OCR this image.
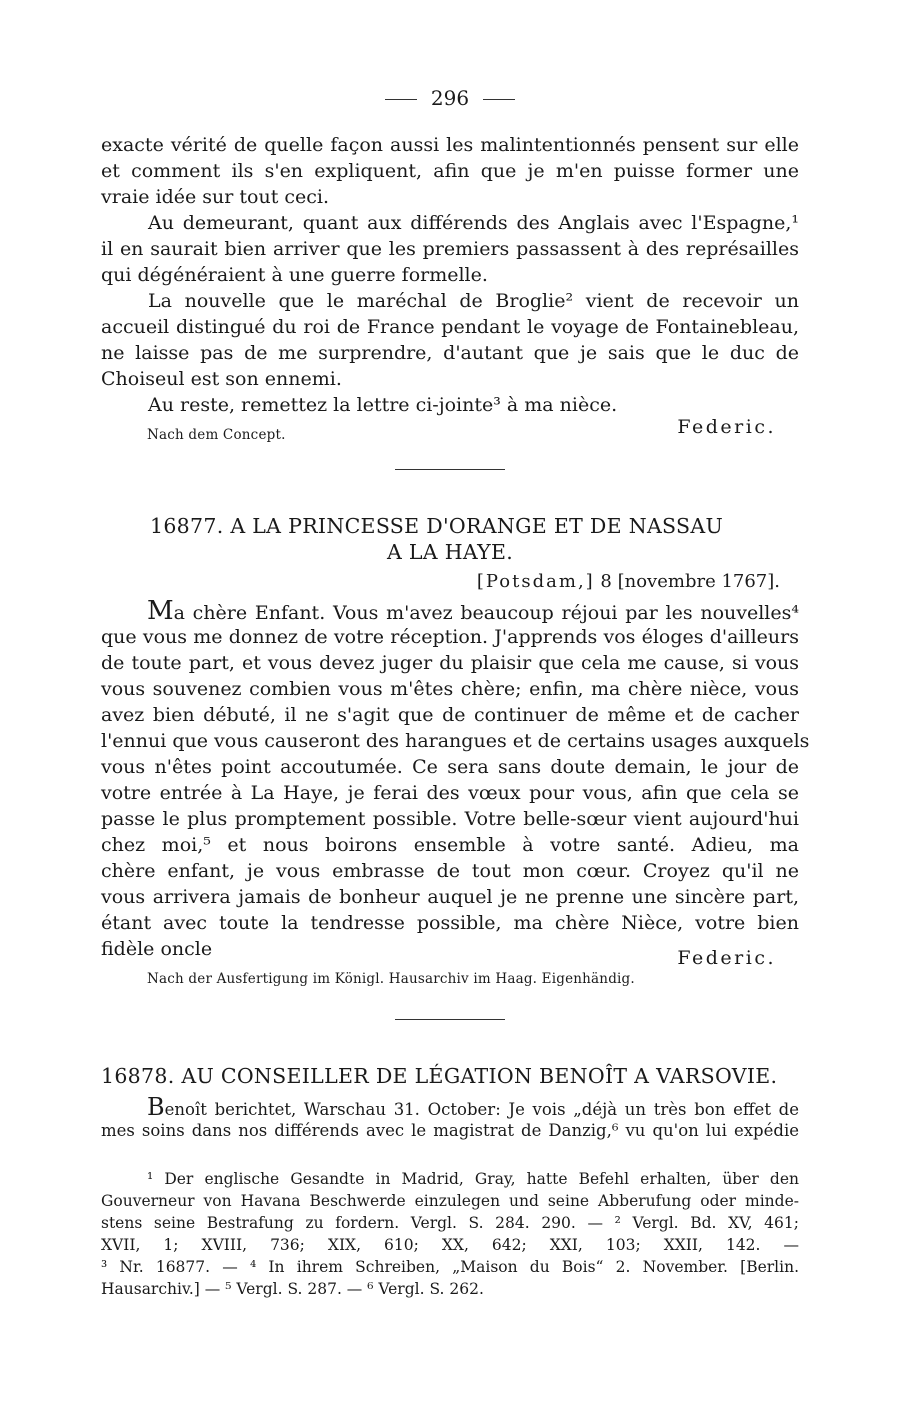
296
exacte vérité de quelle façon aussi les malintentionnés pensent sur elle
et comment ils s'en expliquent, afin que je m'en puisse former une
vraie idée sur tout ceci.
Au demeurant, quant aux différends des Anglais avec l'Espagne,¹
il en saurait bien arriver que les premiers passassent à des représailles
qui dégénéraient à une guerre formelle.
La nouvelle que le maréchal de Broglie² vient de recevoir un
accueil distingué du roi de France pendant le voyage de Fontainebleau,
ne laisse pas de me surprendre, d'autant que je sais que le duc de
Choiseul est son ennemi.
Au reste, remettez la lettre ci-jointe³ à ma nièce.
Nach dem Concept.	Federic.
16877. A LA PRINCESSE D'ORANGE ET DE NASSAU
A LA HAYE.
[Potsdam,] 8 [novembre 1767].
M a chère Enfant. Vous m'avez beaucoup réjoui par les nouvelles⁴
que vous me donnez de votre réception. J'apprends vos éloges d'ailleurs
de toute part, et vous devez juger du plaisir que cela me cause, si vous
vous souvenez combien vous m'êtes chère; enfin, ma chère nièce, vous
avez bien débuté, il ne s'agit que de continuer de même et de cacher
l'ennui que vous causeront des harangues et de certains usages auxquels
vous n'êtes point accoutumée. Ce sera sans doute demain, le jour de
votre entrée à La Haye, je ferai des vœux pour vous, afin que cela se
passe le plus promptement possible. Votre belle-sœur vient aujourd'hui
chez moi,⁵ et nous boirons ensemble à votre santé. Adieu, ma
chère enfant, je vous embrasse de tout mon cœur. Croyez qu'il ne
vous arrivera jamais de bonheur auquel je ne prenne une sincère part,
étant avec toute la tendresse possible, ma chère Nièce, votre bien
fidèle oncle	Federic.
Nach der Ausfertigung im Königl. Hausarchiv im Haag. Eigenhändig.
16878. AU CONSEILLER DE LÉGATION BENOÎT A VARSOVIE.
B enoît berichtet, Warschau 31. October: Je vois „déjà un très bon effet de
mes soins dans nos différends avec le magistrat de Danzig,⁶ vu qu'on lui expédie
¹ Der englische Gesandte in Madrid, Gray, hatte Befehl erhalten, über den
Gouverneur von Havana Beschwerde einzulegen und seine Abberufung oder minde-
stens seine Bestrafung zu fordern. Vergl. S. 284. 290. — ² Vergl. Bd. XV, 461;
XVII, 1; XVIII, 736; XIX, 610; XX, 642; XXI, 103; XXII, 142. —
³ Nr. 16877. — ⁴ In ihrem Schreiben, „Maison du Bois“ 2. November. [Berlin.
Hausarchiv.] — ⁵ Vergl. S. 287. — ⁶ Vergl. S. 262.
